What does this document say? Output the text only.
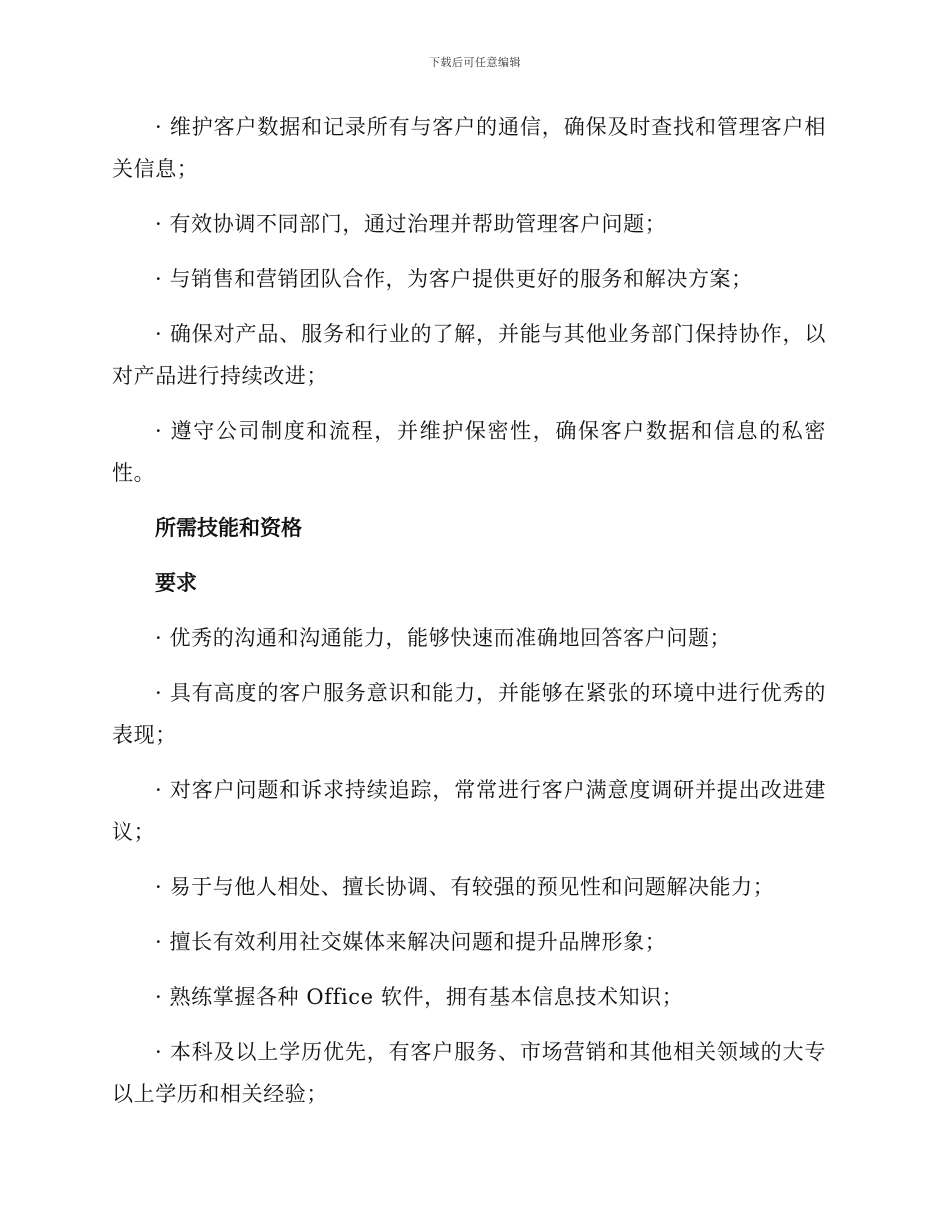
下载后可任意编辑

· 维护客户数据和记录所有与客户的通信，确保及时查找和管理客户相关信息；

· 有效协调不同部门，通过治理并帮助管理客户问题；

· 与销售和营销团队合作，为客户提供更好的服务和解决方案；

· 确保对产品、服务和行业的了解，并能与其他业务部门保持协作，以对产品进行持续改进；

· 遵守公司制度和流程，并维护保密性，确保客户数据和信息的私密性。

所需技能和资格
要求

· 优秀的沟通和沟通能力，能够快速而准确地回答客户问题；

· 具有高度的客户服务意识和能力，并能够在紧张的环境中进行优秀的表现；

· 对客户问题和诉求持续追踪，常常进行客户满意度调研并提出改进建议；

· 易于与他人相处、擅长协调、有较强的预见性和问题解决能力；

· 擅长有效利用社交媒体来解决问题和提升品牌形象；

· 熟练掌握各种 Office 软件，拥有基本信息技术知识；

· 本科及以上学历优先，有客户服务、市场营销和其他相关领域的大专以上学历和相关经验；
